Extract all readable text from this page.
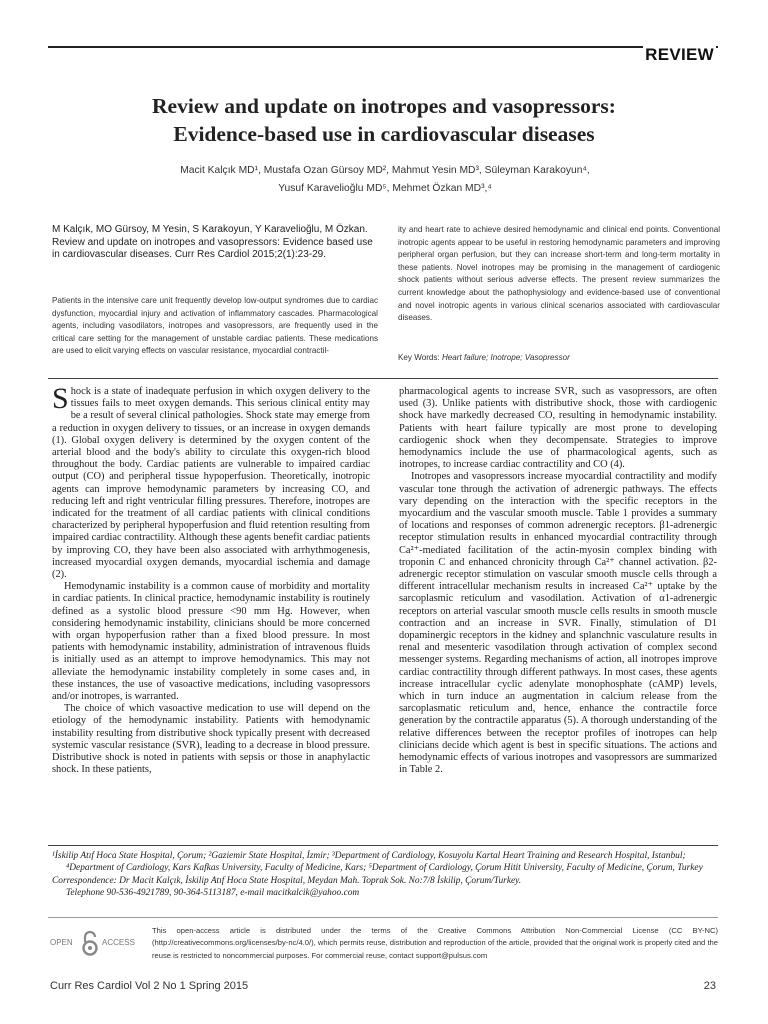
REVIEW
Review and update on inotropes and vasopressors:
Evidence-based use in cardiovascular diseases
Macit Kalçık MD¹, Mustafa Ozan Gürsoy MD², Mahmut Yesin MD³, Süleyman Karakoyun⁴,
Yusuf Karavelioğlu MD⁵, Mehmet Özkan MD³,⁴
M Kalçık, MO Gürsoy, M Yesin, S Karakoyun, Y Karavelioğlu, M Özkan. Review and update on inotropes and vasopressors: Evidence based use in cardiovascular diseases. Curr Res Cardiol 2015;2(1):23-29.
Patients in the intensive care unit frequently develop low-output syndromes due to cardiac dysfunction, myocardial injury and activation of inflammatory cascades. Pharmacological agents, including vasodilators, inotropes and vasopressors, are frequently used in the critical care setting for the management of unstable cardiac patients. These medications are used to elicit varying effects on vascular resistance, myocardial contractil-
ity and heart rate to achieve desired hemodynamic and clinical end points. Conventional inotropic agents appear to be useful in restoring hemodynamic parameters and improving peripheral organ perfusion, but they can increase short-term and long-term mortality in these patients. Novel inotropes may be promising in the management of cardiogenic shock patients without serious adverse effects. The present review summarizes the current knowledge about the pathophysiology and evidence-based use of conventional and novel inotropic agents in various clinical scenarios associated with cardiovascular diseases.
Key Words: Heart failure; Inotrope; Vasopressor

Shock is a state of inadequate perfusion in which oxygen delivery to the tissues fails to meet oxygen demands. This serious clinical entity may be a result of several clinical pathologies. Shock state may emerge from a reduction in oxygen delivery to tissues, or an increase in oxygen demands (1). Global oxygen delivery is determined by the oxygen content of the arterial blood and the body's ability to circulate this oxygen-rich blood throughout the body. Cardiac patients are vulnerable to impaired cardiac output (CO) and peripheral tissue hypoperfusion. Theoretically, inotropic agents can improve hemodynamic parameters by increasing CO, and reducing left and right ventricular filling pressures. Therefore, inotropes are indicated for the treatment of all cardiac patients with clinical conditions characterized by peripheral hypoperfusion and fluid retention resulting from impaired cardiac contractility. Although these agents benefit cardiac patients by improving CO, they have been also associated with arrhythmogenesis, increased myocardial oxygen demands, myocardial ischemia and damage (2).

Hemodynamic instability is a common cause of morbidity and mortality in cardiac patients. In clinical practice, hemodynamic instability is routinely defined as a systolic blood pressure <90 mm Hg. However, when considering hemodynamic instability, clinicians should be more concerned with organ hypoperfusion rather than a fixed blood pressure. In most patients with hemodynamic instability, administration of intravenous fluids is initially used as an attempt to improve hemodynamics. This may not alleviate the hemodynamic instability completely in some cases and, in these instances, the use of vasoactive medications, including vasopressors and/or inotropes, is warranted.

The choice of which vasoactive medication to use will depend on the etiology of the hemodynamic instability. Patients with hemodynamic instability resulting from distributive shock typically present with decreased systemic vascular resistance (SVR), leading to a decrease in blood pressure. Distributive shock is noted in patients with sepsis or those in anaphylactic shock. In these patients,

pharmacological agents to increase SVR, such as vasopressors, are often used (3). Unlike patients with distributive shock, those with cardiogenic shock have markedly decreased CO, resulting in hemodynamic instability. Patients with heart failure typically are most prone to developing cardiogenic shock when they decompensate. Strategies to improve hemodynamics include the use of pharmacological agents, such as inotropes, to increase cardiac contractility and CO (4).

Inotropes and vasopressors increase myocardial contractility and modify vascular tone through the activation of adrenergic pathways. The effects vary depending on the interaction with the specific receptors in the myocardium and the vascular smooth muscle. Table 1 provides a summary of locations and responses of common adrenergic receptors. β1-adrenergic receptor stimulation results in enhanced myocardial contractility through Ca²⁺-mediated facilitation of the actin-myosin complex binding with troponin C and enhanced chronicity through Ca²⁺ channel activation. β2-adrenergic receptor stimulation on vascular smooth muscle cells through a different intracellular mechanism results in increased Ca²⁺ uptake by the sarcoplasmic reticulum and vasodilation. Activation of α1-adrenergic receptors on arterial vascular smooth muscle cells results in smooth muscle contraction and an increase in SVR. Finally, stimulation of D1 dopaminergic receptors in the kidney and splanchnic vasculature results in renal and mesenteric vasodilation through activation of complex second messenger systems. Regarding mechanisms of action, all inotropes improve cardiac contractility through different pathways. In most cases, these agents increase intracellular cyclic adenylate monophosphate (cAMP) levels, which in turn induce an augmentation in calcium release from the sarcoplasmatic reticulum and, hence, enhance the contractile force generation by the contractile apparatus (5). A thorough understanding of the relative differences between the receptor profiles of inotropes can help clinicians decide which agent is best in specific situations. The actions and hemodynamic effects of various inotropes and vasopressors are summarized in Table 2.

¹İskilip Atıf Hoca State Hospital, Çorum; ²Gaziemir State Hospital, İzmir; ³Department of Cardiology, Kosuyolu Kartal Heart Training and Research Hospital, Istanbul; ⁴Department of Cardiology, Kars Kafkas University, Faculty of Medicine, Kars; ⁵Department of Cardiology, Çorum Hitit University, Faculty of Medicine, Çorum, Turkey
Correspondence: Dr Macit Kalçık, İskilip Atıf Hoca State Hospital, Meydan Mah. Toprak Sok. No:7/8 İskilip, Çorum/Turkey.
Telephone 90-536-4921789, 90-364-5113187, e-mail macitkalcik@yahoo.com
OPEN	ACCESS
This open-access article is distributed under the terms of the Creative Commons Attribution Non-Commercial License (CC BY-NC) (http://creativecommons.org/licenses/by-nc/4.0/), which permits reuse, distribution and reproduction of the article, provided that the original work is properly cited and the reuse is restricted to noncommercial purposes. For commercial reuse, contact support@pulsus.com
Curr Res Cardiol Vol 2 No 1 Spring 2015	23
